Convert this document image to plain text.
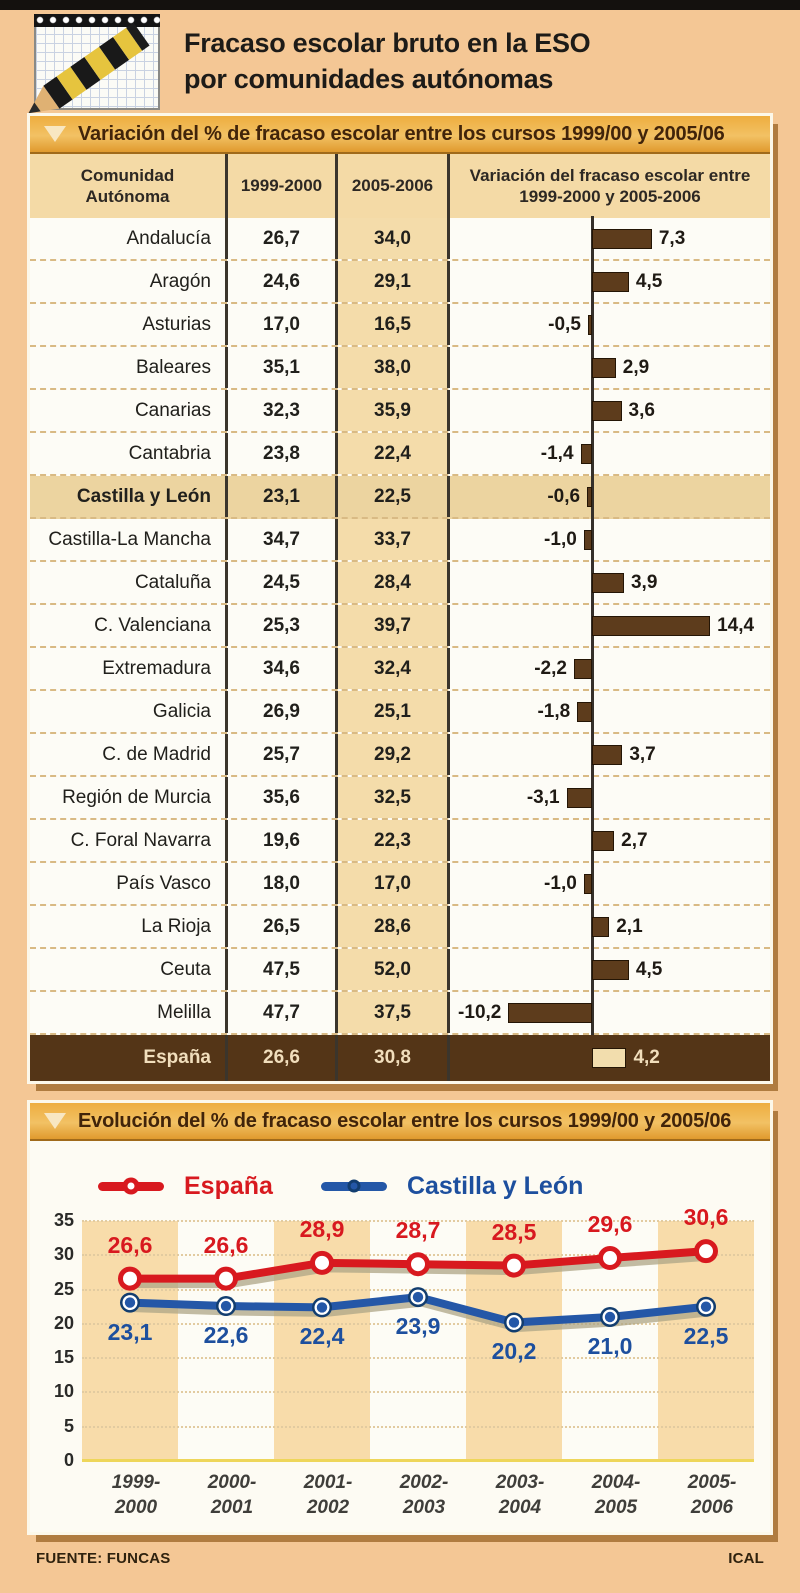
Fracaso escolar bruto en la ESO
por comunidades autónomas
Variación del % de fracaso escolar entre los cursos 1999/00 y 2005/06
Comunidad Autónoma
1999-2000 2005-2006
Variación del fracaso escolar entre 1999-2000 y 2005-2006
Andalucía	26,7	34,0	7,3
Aragón	24,6	29,1	4,5
Asturias	17,0	16,5	-0,5
Baleares	35,1	38,0	2,9
Canarias	32,3	35,9	3,6
Cantabria	23,8	22,4	-1,4
Castilla y León	23,1	22,5	-0,6
Castilla-La Mancha	34,7	33,7	-1,0
Cataluña	24,5	28,4	3,9
C. Valenciana	25,3	39,7	14,4
Extremadura	34,6	32,4	-2,2
Galicia	26,9	25,1	-1,8
C. de Madrid	25,7	29,2	3,7
Región de Murcia	35,6	32,5	-3,1
C. Foral Navarra	19,6	22,3	2,7
País Vasco	18,0	17,0	-1,0
La Rioja	26,5	28,6	2,1
Ceuta	47,5	52,0	4,5
Melilla	47,7	37,5	-10,2
España	26,6	30,8	4,2
Evolución del % de fracaso escolar entre los cursos 1999/00 y 2005/06
España	Castilla y León
0
5
10
15
20
25
30
35
26,6	26,6
28,9	28,7	28,5	29,6	30,6
23,1	22,6	22,4	23,9
20,2	21,0	22,5
1999-
2000
2000-
2001
2001-
2002
2002-
2003
2003-
2004
2004-
2005
2005-
2006
FUENTE: FUNCAS	ICAL
